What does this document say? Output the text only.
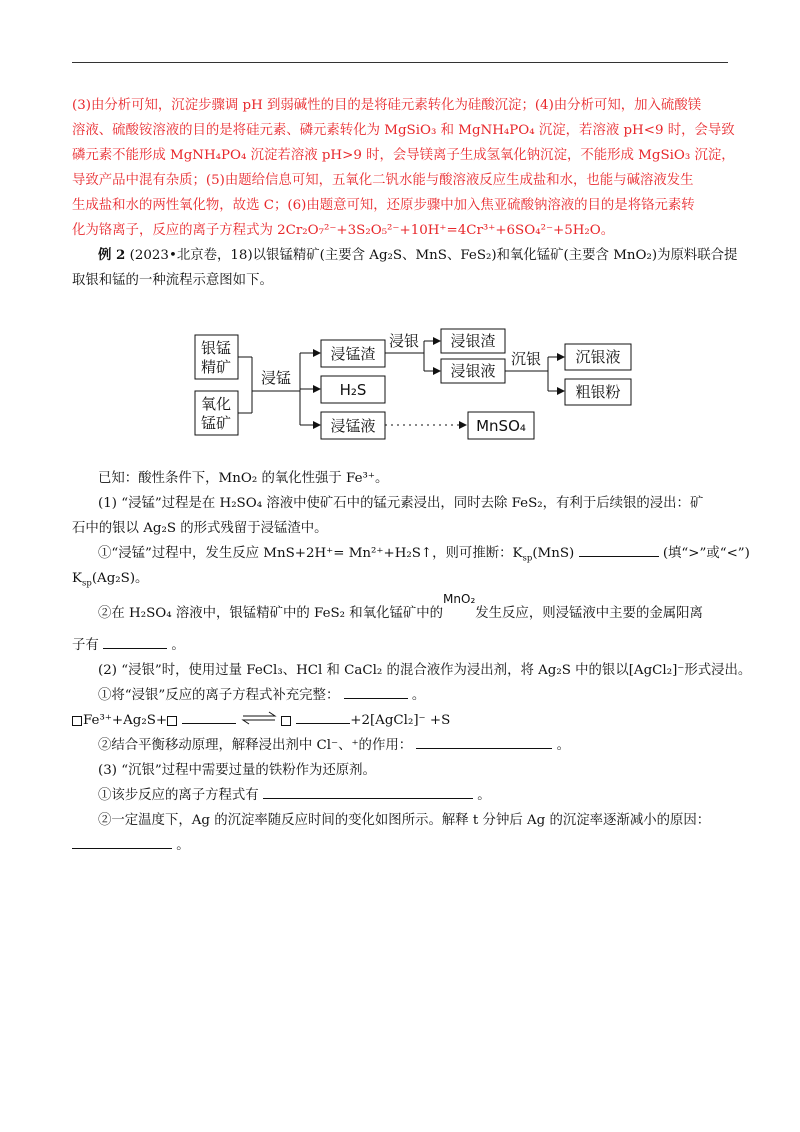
(3)由分析可知，沉淀步骤调 pH 到弱碱性的目的是将硅元素转化为硅酸沉淀；(4)由分析可知，加入硫酸镁
溶液、硫酸铵溶液的目的是将硅元素、磷元素转化为 MgSiO₃ 和 MgNH₄PO₄ 沉淀，若溶液 pH<9 时，会导致
磷元素不能形成 MgNH₄PO₄ 沉淀若溶液 pH>9 时，会导镁离子生成氢氧化钠沉淀，不能形成 MgSiO₃ 沉淀，
导致产品中混有杂质；(5)由题给信息可知，五氧化二钒水能与酸溶液反应生成盐和水，也能与碱溶液发生
生成盐和水的两性氧化物，故选 C；(6)由题意可知，还原步骤中加入焦亚硫酸钠溶液的目的是将铬元素转
化为铬离子，反应的离子方程式为 2Cr₂O₇²⁻+3S₂O₅²⁻+10H⁺=4Cr³⁺+6SO₄²⁻+5H₂O。
例 2 (2023•北京卷，18)以银锰精矿(主要含 Ag₂S、MnS、FeS₂)和氧化锰矿(主要含 MnO₂)为原料联合提
取银和锰的一种流程示意图如下。
银锰
精矿
氧化
锰矿
浸锰
浸锰渣
H₂S
浸锰液	MnSO₄
浸银 浸银渣
浸银液
沉银 沉银液
粗银粉
已知：酸性条件下，MnO₂ 的氧化性强于 Fe³⁺。
(1) “浸锰”过程是在 H₂SO₄ 溶液中使矿石中的锰元素浸出，同时去除 FeS₂，有利于后续银的浸出：矿
石中的银以 Ag₂S 的形式残留于浸锰渣中。
①“浸锰”过程中，发生反应 MnS+2H⁺= Mn²⁺+H₂S↑，则可推断：$K_{sp}(MnS)$	(填“>”或“<”)
$K_{sp}(Ag_2S)$。
②在 H₂SO₄ 溶液中，银锰精矿中的 FeS₂ 和氧化锰矿中的MnO₂发生反应，则浸锰液中主要的金属阳离
子有	。
(2) “浸银”时，使用过量 FeCl₃、HCl 和 CaCl₂ 的混合液作为浸出剂，将 Ag₂S 中的银以[AgCl₂]⁻形式浸出。
①将“浸银”反应的离子方程式补充完整：	。
Fe³⁺+Ag₂S+	+2[AgCl₂]⁻ +S
②结合平衡移动原理，解释浸出剂中 Cl⁻、⁺的作用：	。
(3) “沉银”过程中需要过量的铁粉作为还原剂。
①该步反应的离子方程式有	。
②一定温度下，Ag 的沉淀率随反应时间的变化如图所示。解释 t 分钟后 Ag 的沉淀率逐渐减小的原因：
。
